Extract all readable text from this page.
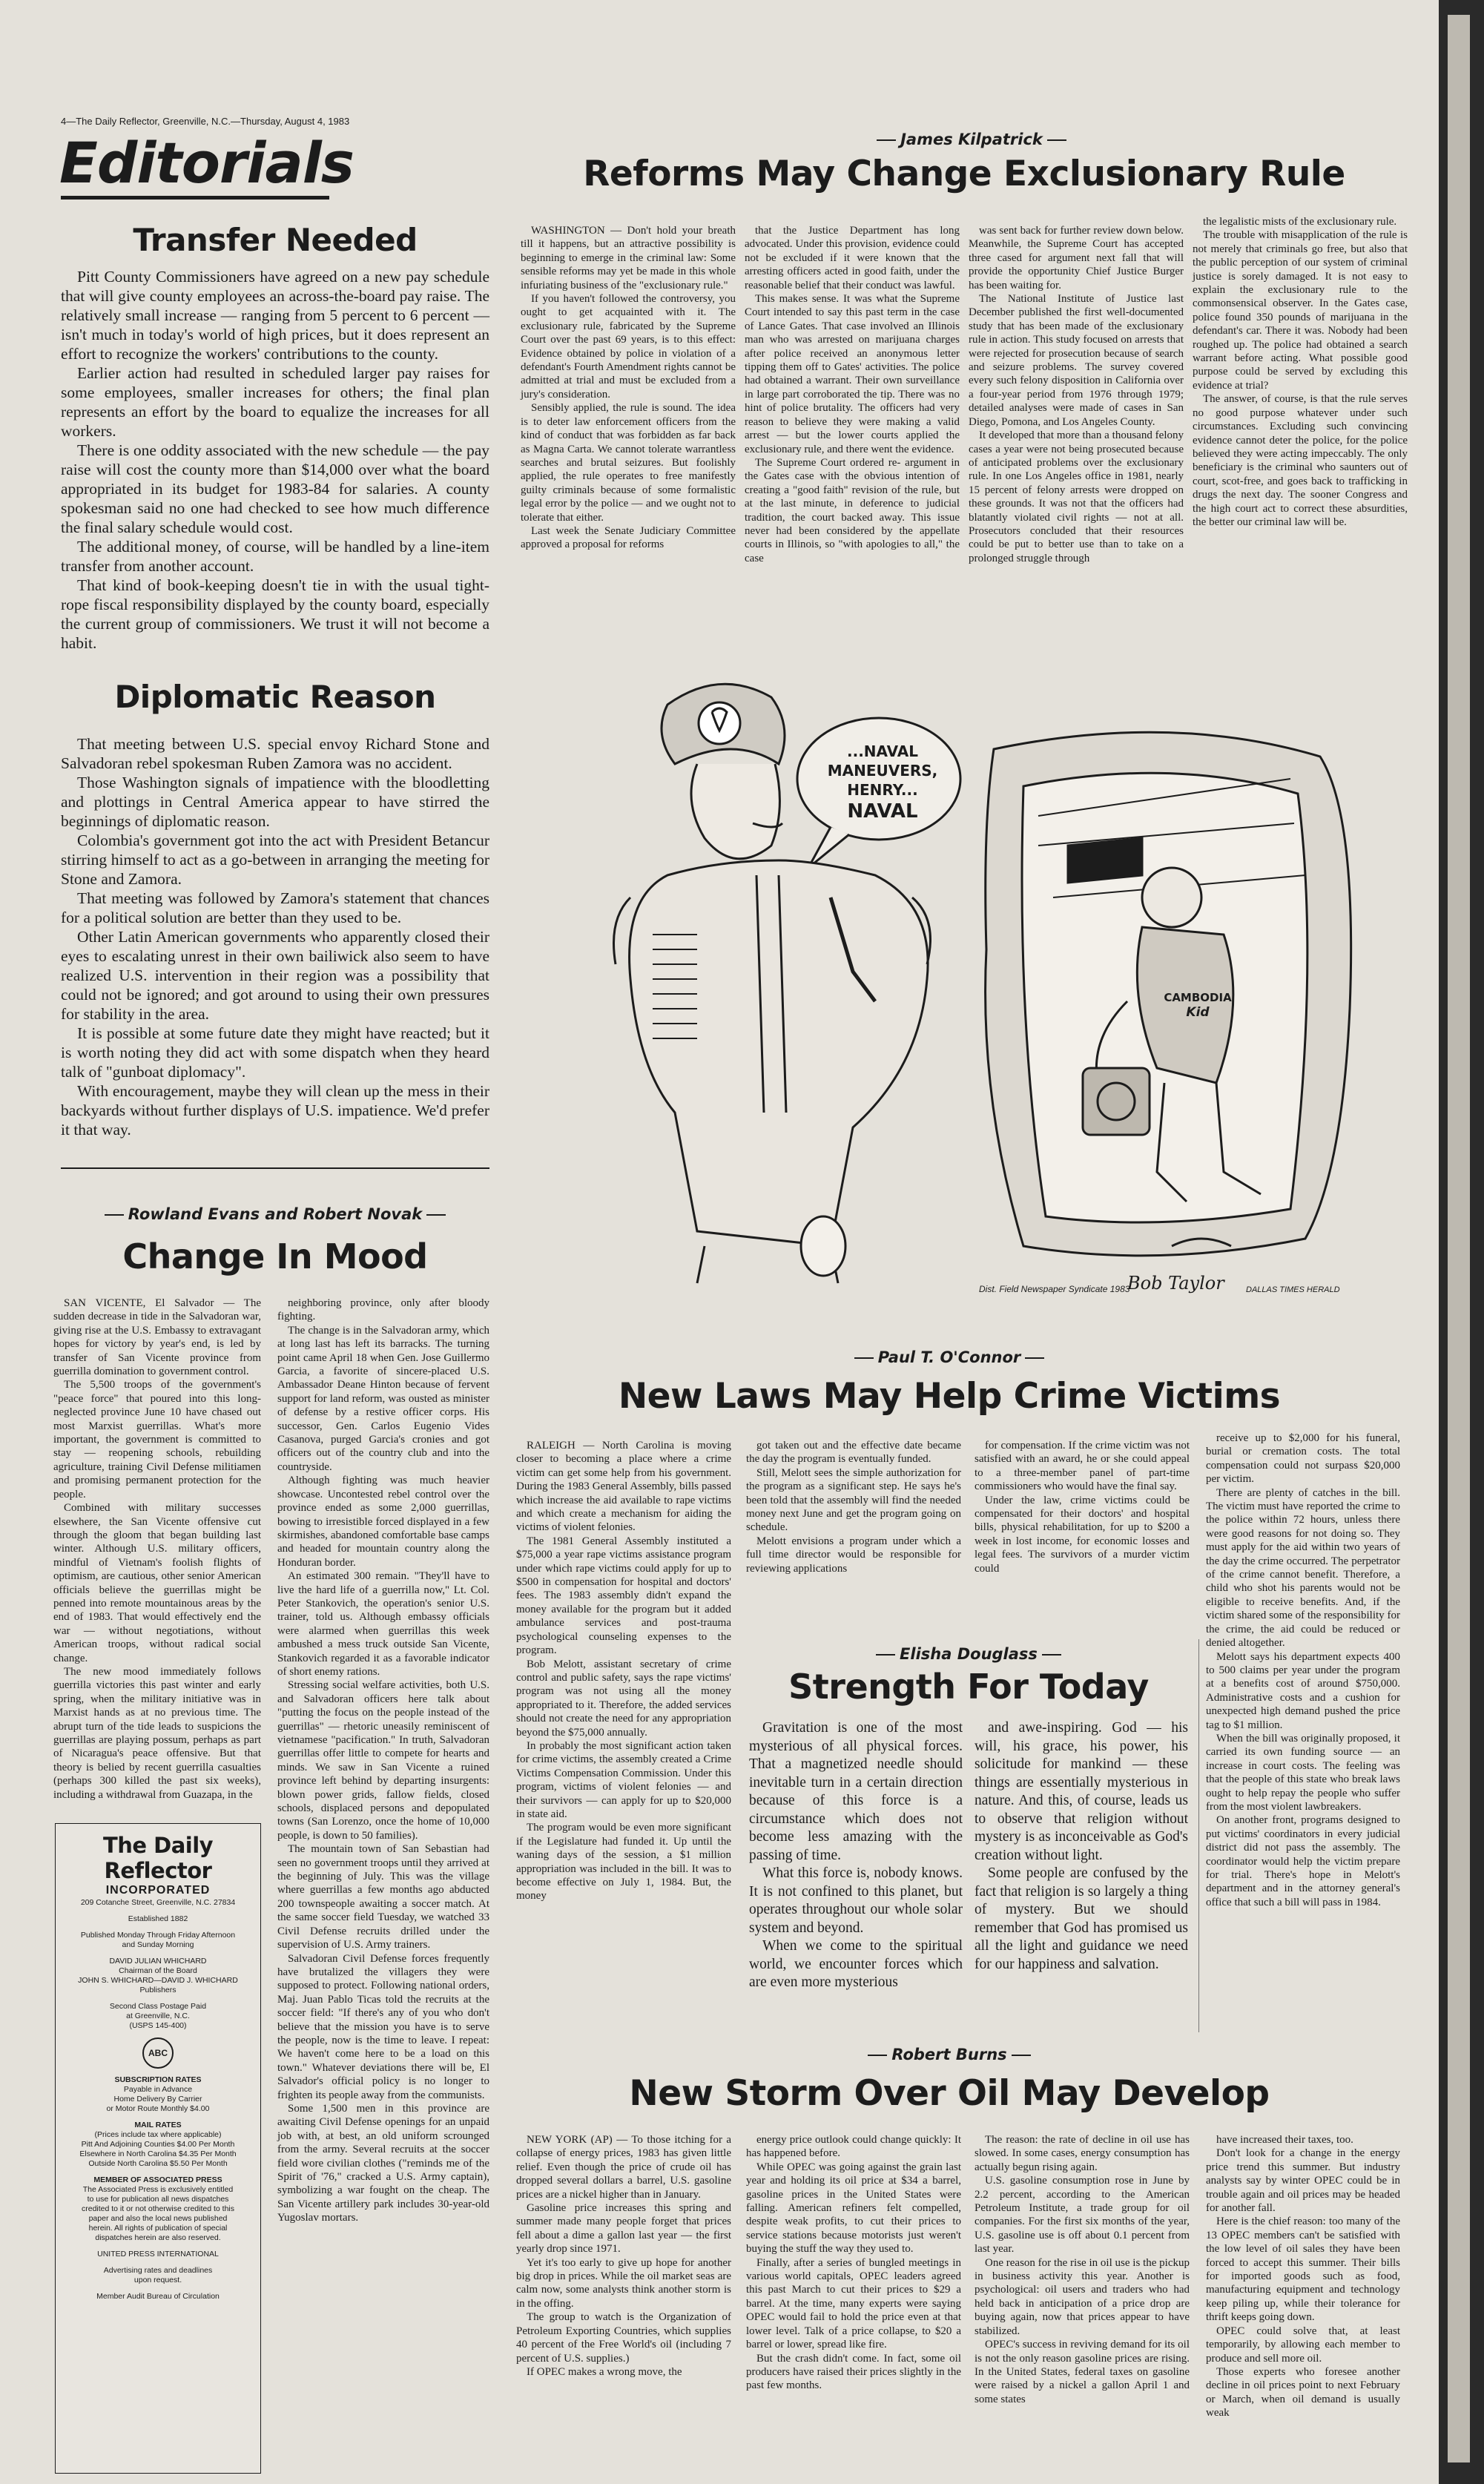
4—The Daily Reflector, Greenville, N.C.—Thursday, August 4, 1983
Editorials
Transfer Needed

Pitt County Commissioners have agreed on a new pay schedule that will give county employees an across-the-board pay raise. The relatively small increase — ranging from 5 percent to 6 percent — isn't much in today's world of high prices, but it does represent an effort to recognize the workers' contributions to the county.

Earlier action had resulted in scheduled larger pay raises for some employees, smaller increases for others; the final plan represents an effort by the board to equalize the increases for all workers.

There is one oddity associated with the new schedule — the pay raise will cost the county more than $14,000 over what the board appropriated in its budget for 1983-84 for salaries. A county spokesman said no one had checked to see how much difference the final salary schedule would cost.

The additional money, of course, will be handled by a line-item transfer from another account.

That kind of book-keeping doesn't tie in with the usual tight-rope fiscal responsibility displayed by the county board, especially the current group of commissioners. We trust it will not become a habit.

Diplomatic Reason

That meeting between U.S. special envoy Richard Stone and Salvadoran rebel spokesman Ruben Zamora was no accident.

Those Washington signals of impatience with the bloodletting and plottings in Central America appear to have stirred the beginnings of diplomatic reason.

Colombia's government got into the act with President Betancur stirring himself to act as a go-between in arranging the meeting for Stone and Zamora.

That meeting was followed by Zamora's statement that chances for a political solution are better than they used to be.

Other Latin American governments who apparently closed their eyes to escalating unrest in their own bailiwick also seem to have realized U.S. intervention in their region was a possibility that could not be ignored; and got around to using their own pressures for stability in the area.

It is possible at some future date they might have reacted; but it is worth noting they did act with some dispatch when they heard talk of "gunboat diplomacy".

With encouragement, maybe they will clean up the mess in their backyards without further displays of U.S. impatience. We'd prefer it that way.

James Kilpatrick
Reforms May Change Exclusionary Rule

WASHINGTON — Don't hold your breath till it happens, but an attractive possibility is beginning to emerge in the criminal law: Some sensible reforms may yet be made in this whole infuriating business of the "exclusionary rule."

If you haven't followed the controversy, you ought to get acquainted with it. The exclusionary rule, fabricated by the Supreme Court over the past 69 years, is to this effect: Evidence obtained by police in violation of a defendant's Fourth Amendment rights cannot be admitted at trial and must be excluded from a jury's consideration.

Sensibly applied, the rule is sound. The idea is to deter law enforcement officers from the kind of conduct that was forbidden as far back as Magna Carta. We cannot tolerate warrantless searches and brutal seizures. But foolishly applied, the rule operates to free manifestly guilty criminals because of some formalistic legal error by the police — and we ought not to tolerate that either.

Last week the Senate Judiciary Committee approved a proposal for reforms

that the Justice Department has long advocated. Under this provision, evidence could not be excluded if it were known that the arresting officers acted in good faith, under the reasonable belief that their conduct was lawful.

This makes sense. It was what the Supreme Court intended to say this past term in the case of Lance Gates. That case involved an Illinois man who was arrested on marijuana charges after police received an anonymous letter tipping them off to Gates' activities. The police had obtained a warrant. Their own surveillance in large part corroborated the tip. There was no hint of police brutality. The officers had very reason to believe they were making a valid arrest — but the lower courts applied the exclusionary rule, and there went the evidence.

The Supreme Court ordered re- argument in the Gates case with the obvious intention of creating a "good faith" revision of the rule, but at the last minute, in deference to judicial tradition, the court backed away. This issue never had been considered by the appellate courts in Illinois, so "with apologies to all," the case

was sent back for further review down below. Meanwhile, the Supreme Court has accepted three cased for argument next fall that will provide the opportunity Chief Justice Burger has been waiting for.

The National Institute of Justice last December published the first well-documented study that has been made of the exclusionary rule in action. This study focused on arrests that were rejected for prosecution because of search and seizure problems. The survey covered every such felony disposition in California over a four-year period from 1976 through 1979; detailed analyses were made of cases in San Diego, Pomona, and Los Angeles County.

It developed that more than a thousand felony cases a year were not being prosecuted because of anticipated problems over the exclusionary rule. In one Los Angeles office in 1981, nearly 15 percent of felony arrests were dropped on these grounds. It was not that the officers had blatantly violated civil rights — not at all. Prosecutors concluded that their resources could be put to better use than to take on a prolonged struggle through

the legalistic mists of the exclusionary rule.

The trouble with misapplication of the rule is not merely that criminals go free, but also that the public perception of our system of criminal justice is sorely damaged. It is not easy to explain the exclusionary rule to the commonsensical observer. In the Gates case, police found 350 pounds of marijuana in the defendant's car. There it was. Nobody had been roughed up. The police had obtained a search warrant before acting. What possible good purpose could be served by excluding this evidence at trial?

The answer, of course, is that the rule serves no good purpose whatever under such circumstances. Excluding such convincing evidence cannot deter the police, for the police believed they were acting impeccably. The only beneficiary is the criminal who saunters out of court, scot-free, and goes back to trafficking in drugs the next day. The sooner Congress and the high court act to correct these absurdities, the better our criminal law will be.

...NAVAL
MANEUVERS,
HENRY...
NAVAL
CAMBODIA
Kid
Dist. Field Newspaper Syndicate 1983
Bob Taylor	DALLAS TIMES HERALD
Rowland Evans and Robert Novak
Change In Mood

SAN VICENTE, El Salvador — The sudden decrease in tide in the Salvadoran war, giving rise at the U.S. Embassy to extravagant hopes for victory by year's end, is led by transfer of San Vicente province from guerrilla domination to government control.

The 5,500 troops of the government's "peace force" that poured into this long-neglected province June 10 have chased out most Marxist guerrillas. What's more important, the government is committed to stay — reopening schools, rebuilding agriculture, training Civil Defense militiamen and promising permanent protection for the people.

Combined with military successes elsewhere, the San Vicente offensive cut through the gloom that began building last winter. Although U.S. military officers, mindful of Vietnam's foolish flights of optimism, are cautious, other senior American officials believe the guerrillas might be penned into remote mountainous areas by the end of 1983. That would effectively end the war — without negotiations, without American troops, without radical social change.

The new mood immediately follows guerrilla victories this past winter and early spring, when the military initiative was in Marxist hands as at no previous time. The abrupt turn of the tide leads to suspicions the guerrillas are playing possum, perhaps as part of Nicaragua's peace offensive. But that theory is belied by recent guerrilla casualties (perhaps 300 killed the past six weeks), including a withdrawal from Guazapa, in the

neighboring province, only after bloody fighting.

The change is in the Salvadoran army, which at long last has left its barracks. The turning point came April 18 when Gen. Jose Guillermo Garcia, a favorite of sincere-placed U.S. Ambassador Deane Hinton because of fervent support for land reform, was ousted as minister of defense by a restive officer corps. His successor, Gen. Carlos Eugenio Vides Casanova, purged Garcia's cronies and got officers out of the country club and into the countryside.

Although fighting was much heavier showcase. Uncontested rebel control over the province ended as some 2,000 guerrillas, bowing to irresistible forced displayed in a few skirmishes, abandoned comfortable base camps and headed for mountain country along the Honduran border.

An estimated 300 remain. "They'll have to live the hard life of a guerrilla now," Lt. Col. Peter Stankovich, the operation's senior U.S. trainer, told us. Although embassy officials were alarmed when guerrillas this week ambushed a mess truck outside San Vicente, Stankovich regarded it as a favorable indicator of short enemy rations.

Stressing social welfare activities, both U.S. and Salvadoran officers here talk about "putting the focus on the people instead of the guerrillas" — rhetoric uneasily reminiscent of vietnamese "pacification." In truth, Salvadoran guerrillas offer little to compete for hearts and minds. We saw in San Vicente a ruined province left behind by departing insurgents: blown power grids, fallow fields, closed schools, displaced persons and depopulated towns (San Lorenzo, once the home of 10,000 people, is down to 50 families).

The mountain town of San Sebastian had seen no government troops until they arrived at the beginning of July. This was the village where guerrillas a few months ago abducted 200 townspeople awaiting a soccer match. At the same soccer field Tuesday, we watched 33 Civil Defense recruits drilled under the supervision of U.S. Army trainers.

Salvadoran Civil Defense forces frequently have brutalized the villagers they were supposed to protect. Following national orders, Maj. Juan Pablo Ticas told the recruits at the soccer field: "If there's any of you who don't believe that the mission you have is to serve the people, now is the time to leave. I repeat: We haven't come here to be a load on this town." Whatever deviations there will be, El Salvador's official policy is no longer to frighten its people away from the communists.

Some 1,500 men in this province are awaiting Civil Defense openings for an unpaid job with, at best, an old uniform scrounged from the army. Several recruits at the soccer field wore civilian clothes ("reminds me of the Spirit of '76," cracked a U.S. Army captain), symbolizing a war fought on the cheap. The San Vicente artillery park includes 30-year-old Yugoslav mortars.

The Daily Reflector
INCORPORATED
209 Cotanche Street, Greenville, N.C. 27834
Established 1882
Published Monday Through Friday Afternoon
and Sunday Morning
DAVID JULIAN WHICHARD
Chairman of the Board
JOHN S. WHICHARD—DAVID J. WHICHARD
Publishers
Second Class Postage Paid
at Greenville, N.C.
(USPS 145-400)
ABC
SUBSCRIPTION RATES
Payable in Advance
Home Delivery By Carrier
or Motor Route Monthly $4.00
MAIL RATES
(Prices include tax where applicable)
Pitt And Adjoining Counties $4.00 Per Month
Elsewhere in North Carolina $4.35 Per Month
Outside North Carolina $5.50 Per Month
MEMBER OF ASSOCIATED PRESS
The Associated Press is exclusively entitled
to use for publication all news dispatches
credited to it or not otherwise credited to this
paper and also the local news published
herein. All rights of publication of special
dispatches herein are also reserved.
UNITED PRESS INTERNATIONAL
Advertising rates and deadlines
upon request.
Member Audit Bureau of Circulation
Paul T. O'Connor
New Laws May Help Crime Victims

RALEIGH — North Carolina is moving closer to becoming a place where a crime victim can get some help from his government. During the 1983 General Assembly, bills passed which increase the aid available to rape victims and which create a mechanism for aiding the victims of violent felonies.

The 1981 General Assembly instituted a $75,000 a year rape victims assistance program under which rape victims could apply for up to $500 in compensation for hospital and doctors' fees. The 1983 assembly didn't expand the money available for the program but it added ambulance services and post-trauma psychological counseling expenses to the program.

Bob Melott, assistant secretary of crime control and public safety, says the rape victims' program was not using all the money appropriated to it. Therefore, the added services should not create the need for any appropriation beyond the $75,000 annually.

In probably the most significant action taken for crime victims, the assembly created a Crime Victims Compensation Commission. Under this program, victims of violent felonies — and their survivors — can apply for up to $20,000 in state aid.

The program would be even more significant if the Legislature had funded it. Up until the waning days of the session, a $1 million appropriation was included in the bill. It was to become effective on July 1, 1984. But, the money

got taken out and the effective date became the day the program is eventually funded.

Still, Melott sees the simple authorization for the program as a significant step. He says he's been told that the assembly will find the needed money next June and get the program going on schedule.

Melott envisions a program under which a full time director would be responsible for reviewing applications

for compensation. If the crime victim was not satisfied with an award, he or she could appeal to a three-member panel of part-time commissioners who would have the final say.

Under the law, crime victims could be compensated for their doctors' and hospital bills, physical rehabilitation, for up to $200 a week in lost income, for economic losses and legal fees. The survivors of a murder victim could

receive up to $2,000 for his funeral, burial or cremation costs. The total compensation could not surpass $20,000 per victim.

There are plenty of catches in the bill. The victim must have reported the crime to the police within 72 hours, unless there were good reasons for not doing so. They must apply for the aid within two years of the day the crime occurred. The perpetrator of the crime cannot benefit. Therefore, a child who shot his parents would not be eligible to receive benefits. And, if the victim shared some of the responsibility for the crime, the aid could be reduced or denied altogether.

Melott says his department expects 400 to 500 claims per year under the program at a benefits cost of around $750,000. Administrative costs and a cushion for unexpected high demand pushed the price tag to $1 million.

When the bill was originally proposed, it carried its own funding source — an increase in court costs. The feeling was that the people of this state who break laws ought to help repay the people who suffer from the most violent lawbreakers.

On another front, programs designed to put victims' coordinators in every judicial district did not pass the assembly. The coordinator would help the victim prepare for trial. There's hope in Melott's department and in the attorney general's office that such a bill will pass in 1984.

Elisha Douglass
Strength For Today

Gravitation is one of the most mysterious of all physical forces. That a magnetized needle should inevitable turn in a certain direction because of this force is a circumstance which does not become less amazing with the passing of time.

What this force is, nobody knows. It is not confined to this planet, but operates throughout our whole solar system and beyond.

When we come to the spiritual world, we encounter forces which are even more mysterious

and awe-inspiring. God — his will, his grace, his power, his solicitude for mankind — these things are essentially mysterious in nature. And this, of course, leads us to observe that religion without mystery is as inconceivable as God's creation without light.

Some people are confused by the fact that religion is so largely a thing of mystery. But we should remember that God has promised us all the light and guidance we need for our happiness and salvation.

Robert Burns
New Storm Over Oil May Develop

NEW YORK (AP) — To those itching for a collapse of energy prices, 1983 has given little relief. Even though the price of crude oil has dropped several dollars a barrel, U.S. gasoline prices are a nickel higher than in January.

Gasoline price increases this spring and summer made many people forget that prices fell about a dime a gallon last year — the first yearly drop since 1971.

Yet it's too early to give up hope for another big drop in prices. While the oil market seas are calm now, some analysts think another storm is in the offing.

The group to watch is the Organization of Petroleum Exporting Countries, which supplies 40 percent of the Free World's oil (including 7 percent of U.S. supplies.)

If OPEC makes a wrong move, the

energy price outlook could change quickly: It has happened before.

While OPEC was going against the grain last year and holding its oil price at $34 a barrel, gasoline prices in the United States were falling. American refiners felt compelled, despite weak profits, to cut their prices to service stations because motorists just weren't buying the stuff the way they used to.

Finally, after a series of bungled meetings in various world capitals, OPEC leaders agreed this past March to cut their prices to $29 a barrel. At the time, many experts were saying OPEC would fail to hold the price even at that lower level. Talk of a price collapse, to $20 a barrel or lower, spread like fire.

But the crash didn't come. In fact, some oil producers have raised their prices slightly in the past few months.

The reason: the rate of decline in oil use has slowed. In some cases, energy consumption has actually begun rising again.

U.S. gasoline consumption rose in June by 2.2 percent, according to the American Petroleum Institute, a trade group for oil companies. For the first six months of the year, U.S. gasoline use is off about 0.1 percent from last year.

One reason for the rise in oil use is the pickup in business activity this year. Another is psychological: oil users and traders who had held back in anticipation of a price drop are buying again, now that prices appear to have stabilized.

OPEC's success in reviving demand for its oil is not the only reason gasoline prices are rising. In the United States, federal taxes on gasoline were raised by a nickel a gallon April 1 and some states

have increased their taxes, too.

Don't look for a change in the energy price trend this summer. But industry analysts say by winter OPEC could be in trouble again and oil prices may be headed for another fall.

Here is the chief reason: too many of the 13 OPEC members can't be satisfied with the low level of oil sales they have been forced to accept this summer. Their bills for imported goods such as food, manufacturing equipment and technology keep piling up, while their tolerance for thrift keeps going down.

OPEC could solve that, at least temporarily, by allowing each member to produce and sell more oil.

Those experts who foresee another decline in oil prices point to next February or March, when oil demand is usually weak
